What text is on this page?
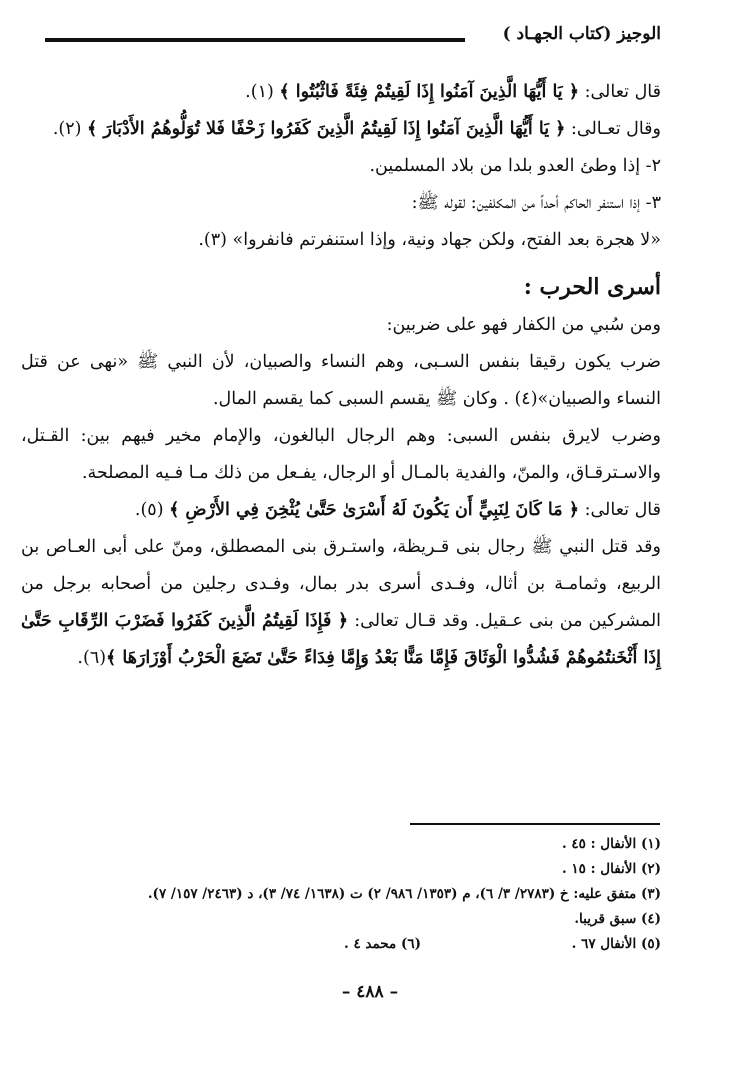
الوجيز (كتاب الجهـاد )

قال تعالى: ﴿ يَا أَيُّهَا الَّذِينَ آمَنُوا إِذَا لَقِيتُمْ فِئَةً فَاثْبُتُوا ﴾ (١).

وقال تعـالى: ﴿ يَا أَيُّهَا الَّذِينَ آمَنُوا إِذَا لَقِيتُمُ الَّذِينَ كَفَرُوا زَحْفًا فَلا تُوَلُّوهُمُ الأَدْبَارَ ﴾ (٢).

٢- إذا وطئ العدو بلدا من بلاد المسلمين.

٣- إذا استنفر الحاكم أحداً من المكلفين: لقوله ﷺ:

«لا هجرة بعد الفتح، ولكن جهاد ونية، وإذا استنفرتم فانفروا» (٣).

أسرى الحرب :

ومن سُبي من الكفار فهو على ضربين:

ضرب يكون رقيقا بنفس السـبى، وهم النساء والصبيان، لأن النبي ﷺ «نهى عن قتل النساء والصبيان»(٤) . وكان ﷺ يقسم السبى كما يقسم المال.

وضرب لايرق بنفس السبى: وهم الرجال البالغون، والإمام مخير فيهم بين: القـتل، والاسـترقـاق، والمنّ، والفدية بالمـال أو الرجال، يفـعل من ذلك مـا فـيه المصلحة.

قال تعالى: ﴿ مَا كَانَ لِنَبِيٍّ أَن يَكُونَ لَهُ أَسْرَىٰ حَتَّىٰ يُثْخِنَ فِي الأَرْضِ ﴾ (٥).

وقد قتل النبي ﷺ رجال بنى قـريظة، واستـرق بنى المصطلق، ومنّ على أبى العـاص بن الربيع، وثمامـة بن أثال، وفـدى أسرى بدر بمال، وفـدى رجلين من أصحابه برجل من المشركين من بنى عـقيل. وقد قـال تعالى: ﴿ فَإِذَا لَقِيتُمُ الَّذِينَ كَفَرُوا فَضَرْبَ الرِّقَابِ حَتَّىٰ إِذَا أَثْخَنتُمُوهُمْ فَشُدُّوا الْوَثَاقَ فَإِمَّا مَنًّا بَعْدُ وَإِمَّا فِدَاءً حَتَّىٰ تَضَعَ الْحَرْبُ أَوْزَارَهَا ﴾(٦).

(١) الأنفال : ٤٥ .

(٢) الأنفال : ١٥ .

(٣) متفق عليه: خ (٢٧٨٣/ ٣/ ٦)، م (١٣٥٣/ ٩٨٦/ ٢) ت (١٦٣٨/ ٧٤/ ٣)، د (٢٤٦٣/ ١٥٧/ ٧).

(٤) سبق قريبا.

(٥) الأنفال ٦٧ .

(٦) محمد ٤ .

– ٤٨٨ –
